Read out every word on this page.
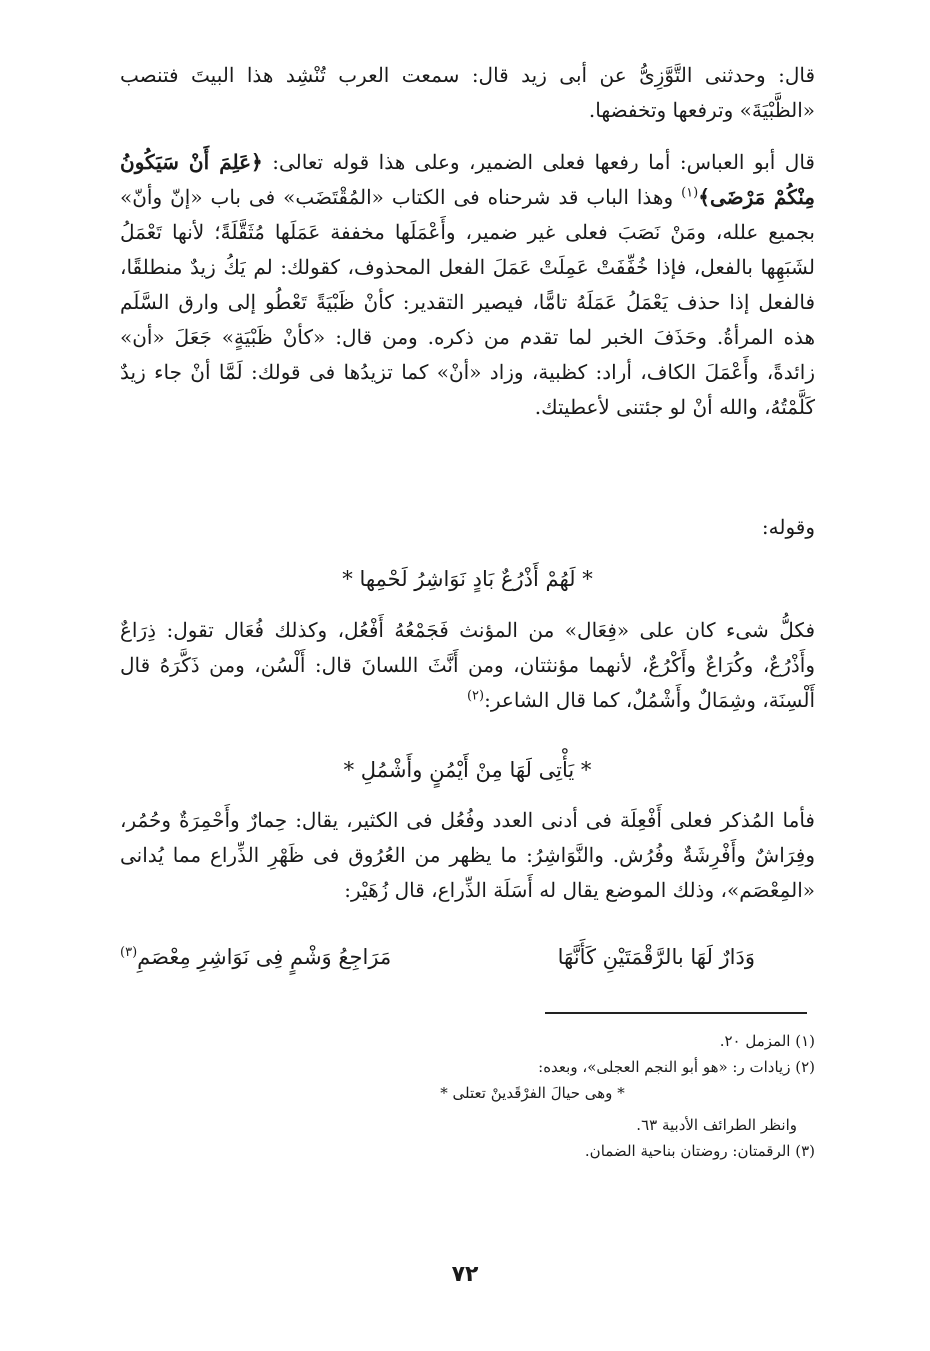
قال: وحدثنى التَّوَّزِىُّ عن أبى زيد قال: سمعت العرب تُنْشِد هذا البيتَ فتنصب «الظَّبْيَةَ» وترفعها وتخفضها.

قال أبو العباس: أما رفعها فعلى الضمير، وعلى هذا قوله تعالى: ﴿عَلِمَ أَنْ سَيَكُونُ مِنْكُمْ مَرْضَى﴾$^{(١)}$ وهذا الباب قد شرحناه فى الكتاب «المُقْتَضَب» فى باب «إنّ وأنّ» بجميع علله، ومَنْ نَصَبَ فعلى غير ضمير، وأَعْمَلَها مخففة عَمَلَها مُثَقَّلَةً؛ لأنها تَعْمَلُ لشَبَهِها بالفعل، فإذا خُفِّفَتْ عَمِلَتْ عَمَلَ الفعل المحذوف، كقولك: لم يَكُ زيدٌ منطلقًا، فالفعل إذا حذف يَعْمَلُ عَمَلَهُ تامًّا، فيصير التقدير: كأنْ ظَبْيَةً تَعْطُو إلى وارق السَّلَم هذه المرأةُ. وحَذَفَ الخبر لما تقدم من ذكره. ومن قال: «كأنْ ظَبْيَةٍ» جَعَلَ «أن» زائدةً، وأَعْمَلَ الكاف، أراد: كظبية، وزاد «أنْ» كما تزيدُها فى قولك: لَمَّا أنْ جاء زيدٌ كَلَّمْتُهُ، والله أنْ لو جئتنى لأعطيتك.

وقوله:

* لَهُمْ أَذْرُعٌ بَادٍ نَوَاشِرُ لَحْمِها *

فكلُّ شىء كان على «فِعَال» من المؤنث فَجَمْعُهُ أَفْعُل، وكذلك فُعَال تقول: ذِرَاعٌ وأَذْرُعٌ، وكُرَاعٌ وأَكْرُعٌ، لأنهما مؤنثتان، ومن أَنَّثَ اللسانَ قال: أَلْسُن، ومن ذَكَّرَهُ قال أَلْسِنَة، وشِمَالٌ وأَشْمُلٌ، كما قال الشاعر:$^{(٢)}$

* يَأْتِى لَهَا مِنْ أَيْمُنٍ وأَشْمُلِ *

فأما المُذكر فعلى أَفْعِلَة فى أدنى العدد وفُعُل فى الكثير، يقال: حِمارٌ وأَحْمِرَةٌ وحُمُر، وفِرَاشٌ وأَفْرِشَةٌ وفُرُش. والنَّوَاشِرُ: ما يظهر من العُرُوق فى ظَهْرِ الذِّراع مما يُدانى «المِعْصَم»، وذلك الموضع يقال له أَسَلَة الذِّراع، قال زُهَيْر:

وَدَارٌ لَهَا بالرَّقْمَتَيْنِ كَأَنَّهَا
مَرَاجِعُ وَشْمٍ فِى نَوَاشِرِ مِعْصَمِ$^{(٣)}$

(١) المزمل ٢٠.

(٢) زيادات ر: «هو أبو النجم العجلى»، وبعده:

* وهى حيالَ الفرْقَدينْ تعتلى *

وانظر الطرائف الأدبية ٦٣.

(٣) الرقمتان: روضتان بناحية الضمان.

٧٢
